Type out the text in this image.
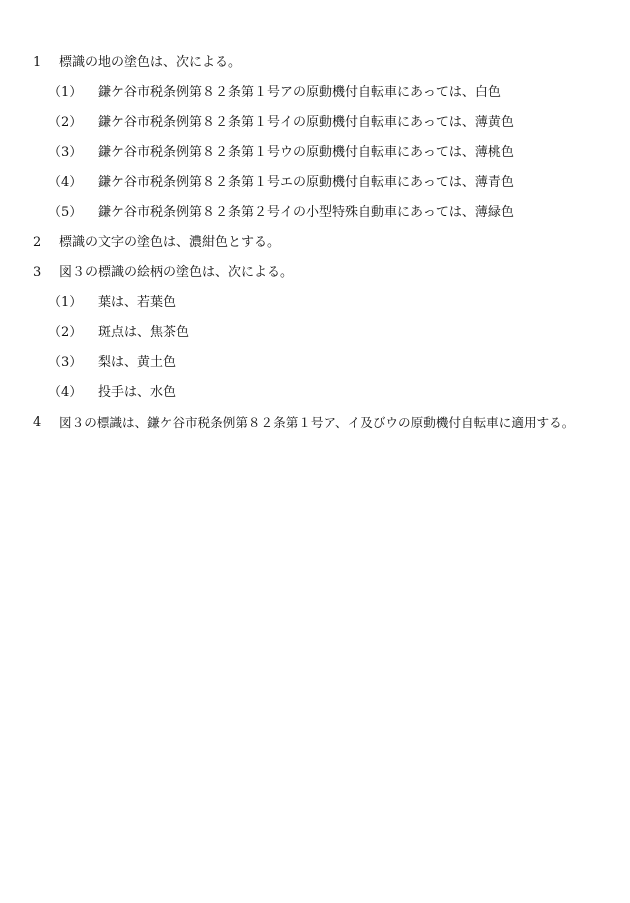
1 標識の地の塗色は、次による。
（1） 鎌ケ谷市税条例第８２条第１号アの原動機付自転車にあっては、白色
（2） 鎌ケ谷市税条例第８２条第１号イの原動機付自転車にあっては、薄黄色
（3） 鎌ケ谷市税条例第８２条第１号ウの原動機付自転車にあっては、薄桃色
（4） 鎌ケ谷市税条例第８２条第１号エの原動機付自転車にあっては、薄青色
（5） 鎌ケ谷市税条例第８２条第２号イの小型特殊自動車にあっては、薄緑色
2 標識の文字の塗色は、濃紺色とする。
3 図３の標識の絵柄の塗色は、次による。
（1） 葉は、若葉色
（2） 斑点は、焦茶色
（3） 梨は、黄土色
（4） 投手は、水色
4 図３の標識は、鎌ケ谷市税条例第８２条第１号ア、イ及びウの原動機付自転車に適用する。
